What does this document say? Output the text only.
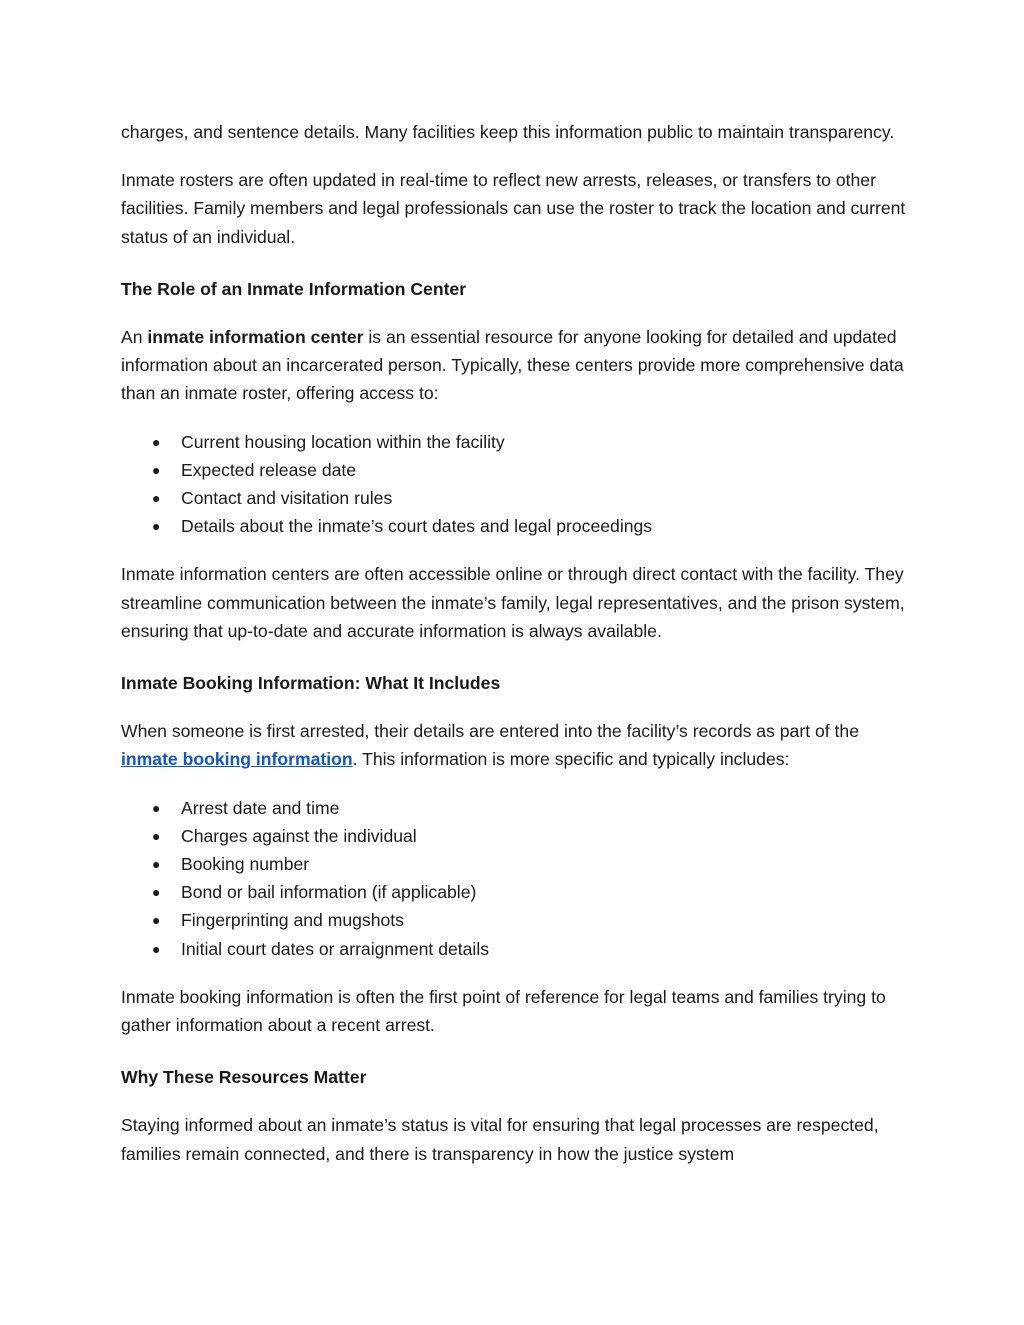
charges, and sentence details. Many facilities keep this information public to maintain transparency.

Inmate rosters are often updated in real-time to reflect new arrests, releases, or transfers to other facilities. Family members and legal professionals can use the roster to track the location and current status of an individual.

The Role of an Inmate Information Center

An inmate information center is an essential resource for anyone looking for detailed and updated information about an incarcerated person. Typically, these centers provide more comprehensive data than an inmate roster, offering access to:

● Current housing location within the facility
● Expected release date
● Contact and visitation rules
● Details about the inmate’s court dates and legal proceedings

Inmate information centers are often accessible online or through direct contact with the facility. They streamline communication between the inmate’s family, legal representatives, and the prison system, ensuring that up-to-date and accurate information is always available.

Inmate Booking Information: What It Includes

When someone is first arrested, their details are entered into the facility’s records as part of the inmate booking information. This information is more specific and typically includes:

● Arrest date and time
● Charges against the individual
● Booking number
● Bond or bail information (if applicable)
● Fingerprinting and mugshots
● Initial court dates or arraignment details

Inmate booking information is often the first point of reference for legal teams and families trying to gather information about a recent arrest.

Why These Resources Matter

Staying informed about an inmate’s status is vital for ensuring that legal processes are respected, families remain connected, and there is transparency in how the justice system
